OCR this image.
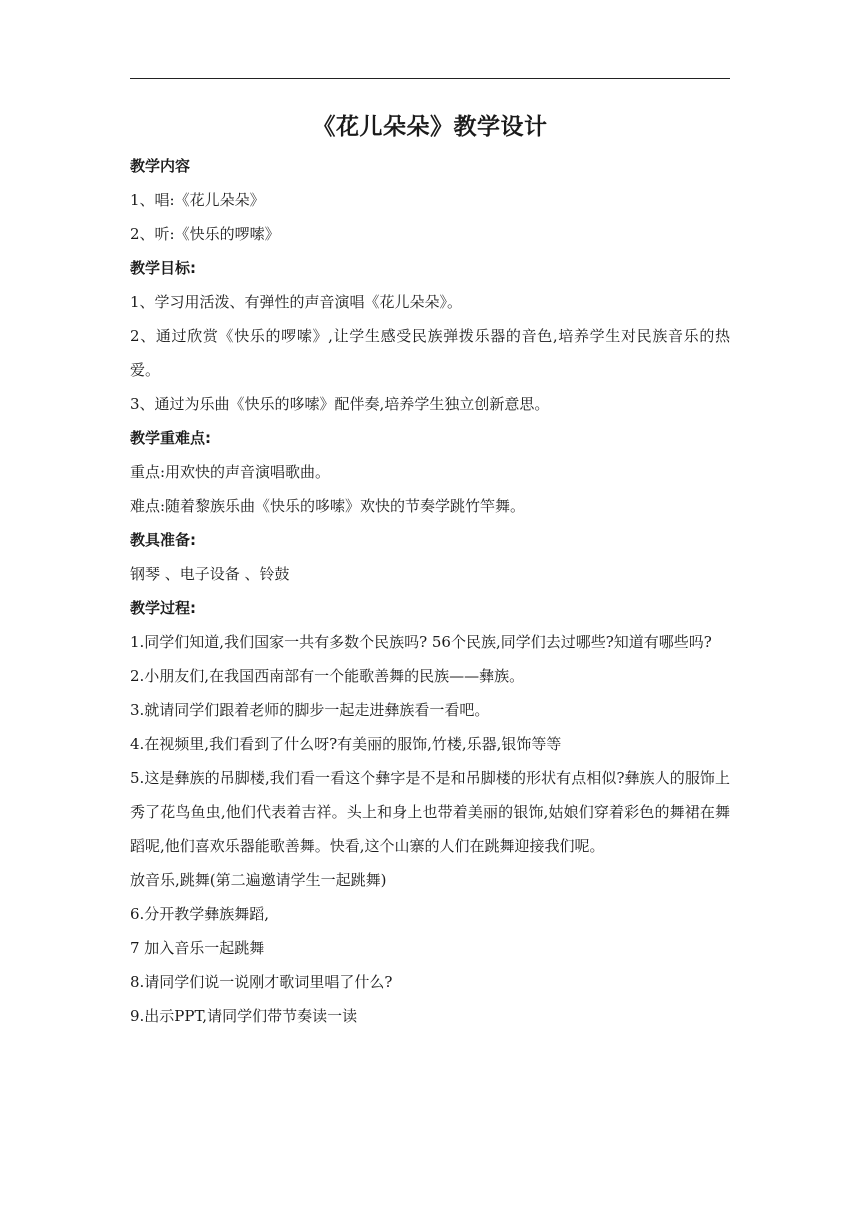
《花儿朵朵》教学设计
教学内容
1、唱:《花儿朵朵》
2、听:《快乐的啰嗦》
教学目标:
1、学习用活泼、有弹性的声音演唱《花儿朵朵》。
2、通过欣赏《快乐的啰嗦》,让学生感受民族弹拨乐器的音色,培养学生对民族音乐的热爱。
3、通过为乐曲《快乐的哆嗦》配伴奏,培养学生独立创新意思。
教学重难点:
重点:用欢快的声音演唱歌曲。
难点:随着黎族乐曲《快乐的哆嗦》欢快的节奏学跳竹竿舞。
教具准备:
钢琴 、电子设备 、铃鼓
教学过程:
1.同学们知道,我们国家一共有多数个民族吗? 56个民族,同学们去过哪些?知道有哪些吗?
2.小朋友们,在我国西南部有一个能歌善舞的民族——彝族。
3.就请同学们跟着老师的脚步一起走进彝族看一看吧。
4.在视频里,我们看到了什么呀?有美丽的服饰,竹楼,乐器,银饰等等
5.这是彝族的吊脚楼,我们看一看这个彝字是不是和吊脚楼的形状有点相似?彝族人的服饰上秀了花鸟鱼虫,他们代表着吉祥。头上和身上也带着美丽的银饰,姑娘们穿着彩色的舞裙在舞蹈呢,他们喜欢乐器能歌善舞。快看,这个山寨的人们在跳舞迎接我们呢。
放音乐,跳舞(第二遍邀请学生一起跳舞)
6.分开教学彝族舞蹈,
7 加入音乐一起跳舞
8.请同学们说一说刚才歌词里唱了什么?
9.出示PPT,请同学们带节奏读一读
